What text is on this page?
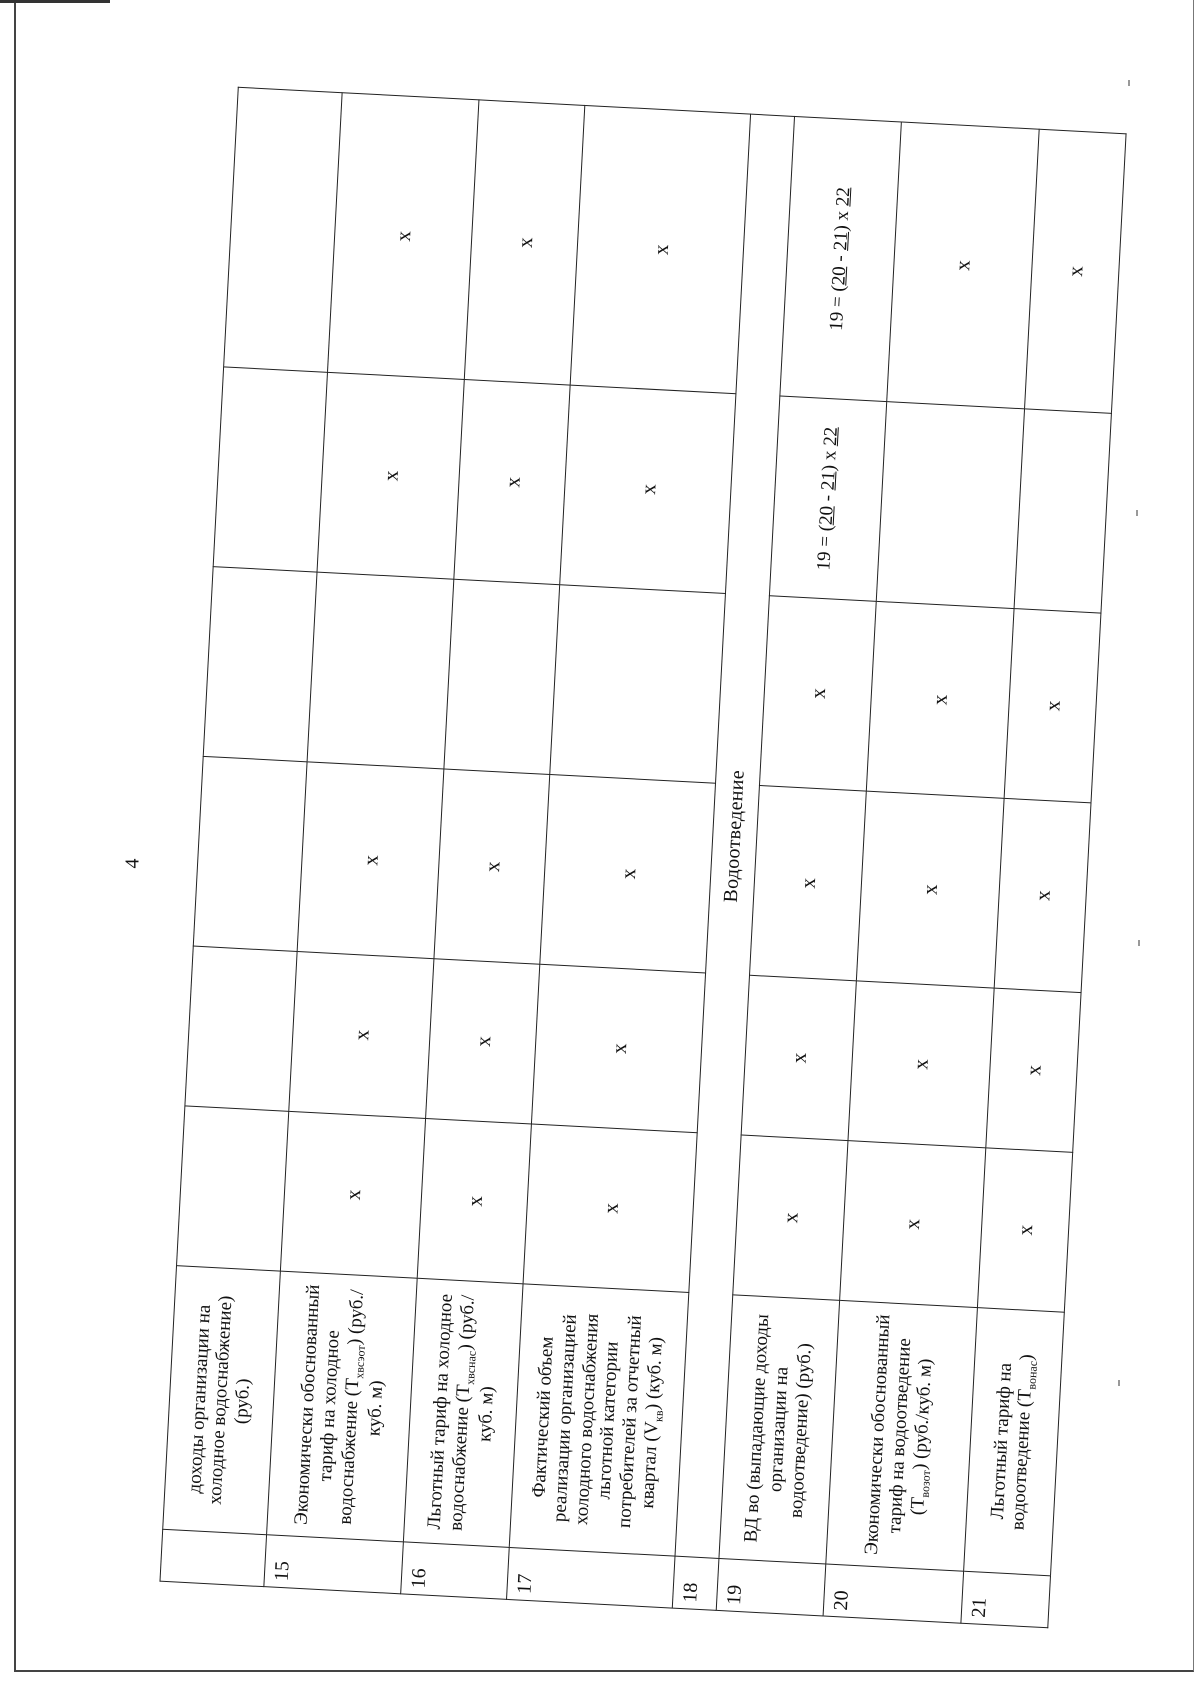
4
	доходы организации на холодное водоснабжение) (руб.)						
15	Экономически обоснованный тариф на холодное водоснабжение $(Т_{хвсэот})$ (руб./куб. м)	х	х	х		х	х
16	Льготный тариф на холодное водоснабжение $(Т_{хвснас})$ (руб./куб. м)	х	х	х		х	х
17	Фактический объем реализации организацией холодного водоснабжения льготной категории потребителей за отчетный квартал $(V_{кв})$ (куб. м)	х	х	х		х	х
18	Водоотведение						
19	ВД во (выпадающие доходы организации на водоотведение) (руб.)	х	х	х	х	19 = (20 - 21) х 22	19 = (20 - 21) х 22
20	Экономически обоснованный тариф на водоотведение $(Т_{возот})$ (руб./куб. м)	х	х	х	х		х
21	Льготный тариф на водоотведение $(Т_{вонас})$	х	х	х	х		х
